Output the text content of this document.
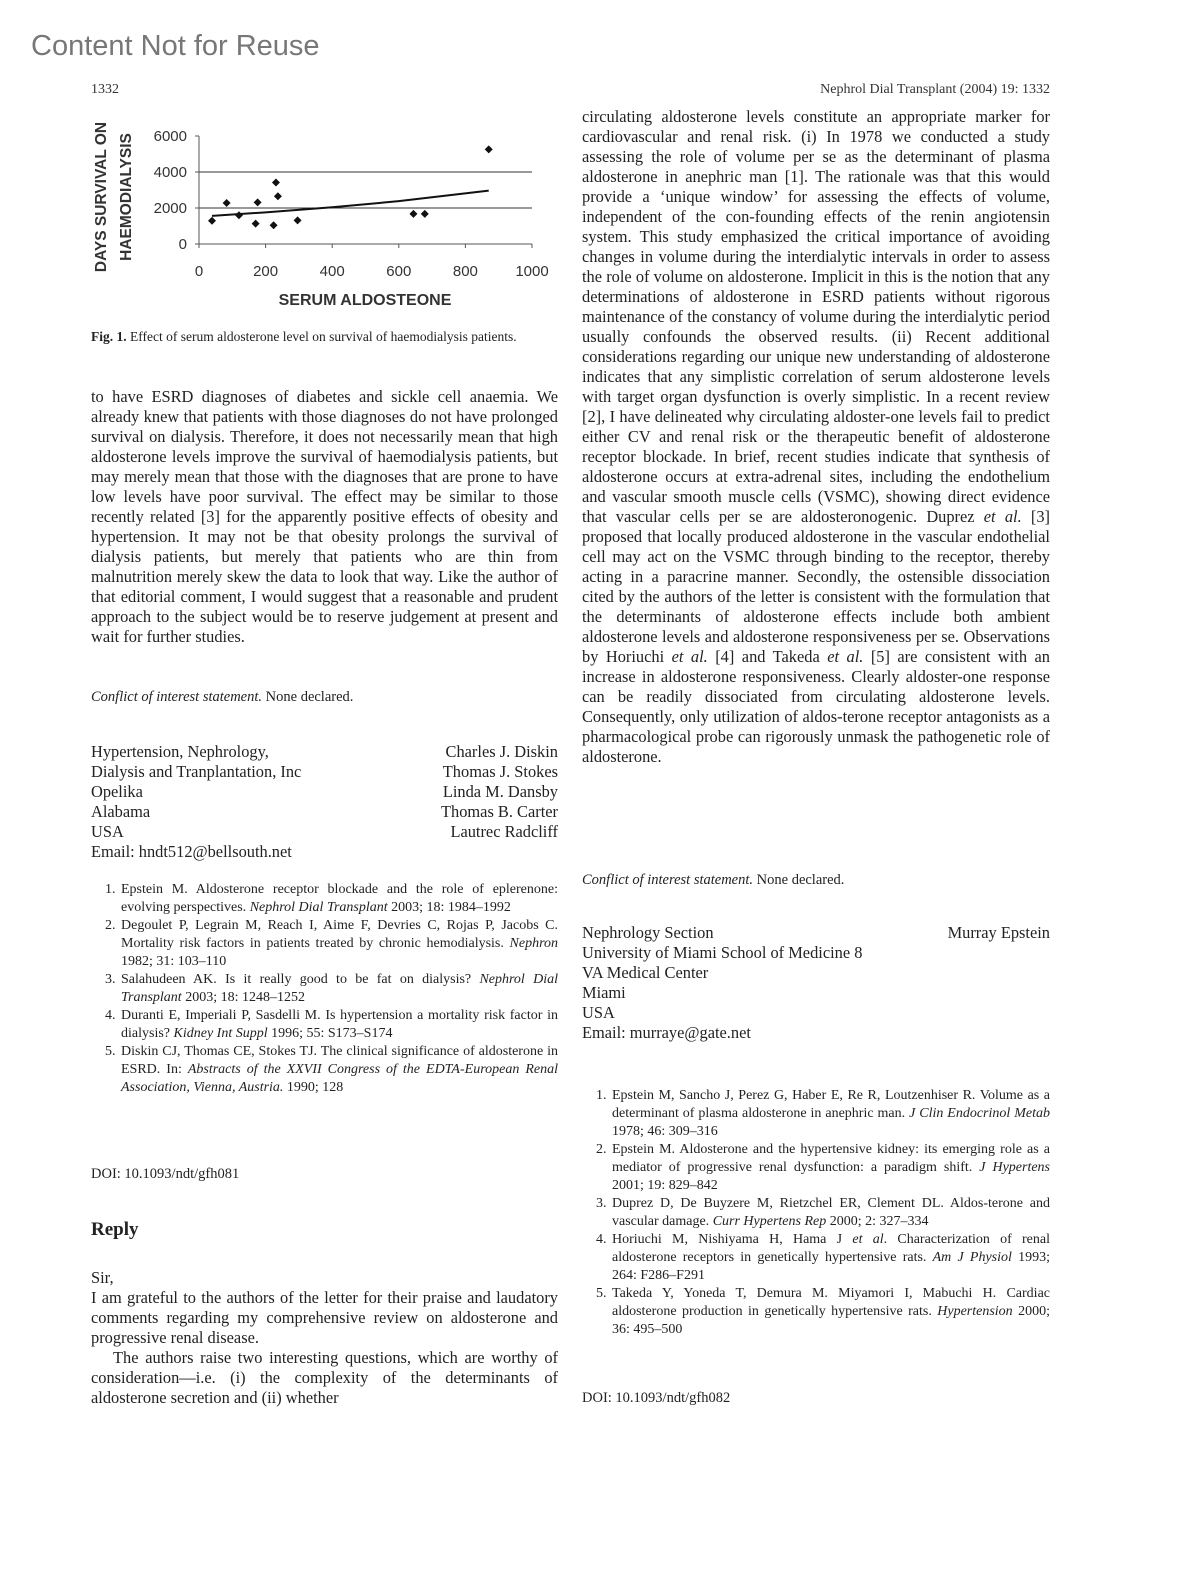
Content Not for Reuse
1332	Nephrol Dial Transplant (2004) 19: 1332
0
2000
4000
6000
0	200	400	600	800 1000
SERUM ALDOSTEONE
DAYS SURVIVAL ON HAEMODIALYSIS
Fig. 1. Effect of serum aldosterone level on survival of haemodialysis patients.

to have ESRD diagnoses of diabetes and sickle cell anaemia. We already knew that patients with those diagnoses do not have prolonged survival on dialysis. Therefore, it does not necessarily mean that high aldosterone levels improve the survival of haemodialysis patients, but may merely mean that those with the diagnoses that are prone to have low levels have poor survival. The effect may be similar to those recently related [3] for the apparently positive effects of obesity and hypertension. It may not be that obesity prolongs the survival of dialysis patients, but merely that patients who are thin from malnutrition merely skew the data to look that way. Like the author of that editorial comment, I would suggest that a reasonable and prudent approach to the subject would be to reserve judgement at present and wait for further studies.

Conflict of interest statement. None declared.
Hypertension, Nephrology,
Dialysis and Tranplantation, Inc
Opelika
Alabama
USA
Email: hndt512@bellsouth.net
Charles J. Diskin
Thomas J. Stokes
Linda M. Dansby
Thomas B. Carter
Lautrec Radcliff
1. Epstein M. Aldosterone receptor blockade and the role of eplerenone: evolving perspectives. Nephrol Dial Transplant 2003; 18: 1984–1992
2. Degoulet P, Legrain M, Reach I, Aime F, Devries C, Rojas P, Jacobs C. Mortality risk factors in patients treated by chronic hemodialysis. Nephron 1982; 31: 103–110
3. Salahudeen AK. Is it really good to be fat on dialysis? Nephrol Dial Transplant 2003; 18: 1248–1252
4. Duranti E, Imperiali P, Sasdelli M. Is hypertension a mortality risk factor in dialysis? Kidney Int Suppl 1996; 55: S173–S174
5. Diskin CJ, Thomas CE, Stokes TJ. The clinical significance of aldosterone in ESRD. In: Abstracts of the XXVII Congress of the EDTA-European Renal Association, Vienna, Austria. 1990; 128
DOI: 10.1093/ndt/gfh081
Reply

Sir,

I am grateful to the authors of the letter for their praise and laudatory comments regarding my comprehensive review on aldosterone and progressive renal disease.

The authors raise two interesting questions, which are worthy of consideration—i.e. (i) the complexity of the determinants of aldosterone secretion and (ii) whether

circulating aldosterone levels constitute an appropriate marker for cardiovascular and renal risk. (i) In 1978 we conducted a study assessing the role of volume per se as the determinant of plasma aldosterone in anephric man [1]. The rationale was that this would provide a ‘unique window’ for assessing the effects of volume, independent of the con-founding effects of the renin angiotensin system. This study emphasized the critical importance of avoiding changes in volume during the interdialytic intervals in order to assess the role of volume on aldosterone. Implicit in this is the notion that any determinations of aldosterone in ESRD patients without rigorous maintenance of the constancy of volume during the interdialytic period usually confounds the observed results. (ii) Recent additional considerations regarding our unique new understanding of aldosterone indicates that any simplistic correlation of serum aldosterone levels with target organ dysfunction is overly simplistic. In a recent review [2], I have delineated why circulating aldoster-one levels fail to predict either CV and renal risk or the therapeutic benefit of aldosterone receptor blockade. In brief, recent studies indicate that synthesis of aldosterone occurs at extra-adrenal sites, including the endothelium and vascular smooth muscle cells (VSMC), showing direct evidence that vascular cells per se are aldosteronogenic. Duprez et al. [3] proposed that locally produced aldosterone in the vascular endothelial cell may act on the VSMC through binding to the receptor, thereby acting in a paracrine manner. Secondly, the ostensible dissociation cited by the authors of the letter is consistent with the formulation that the determinants of aldosterone effects include both ambient aldosterone levels and aldosterone responsiveness per se. Observations by Horiuchi et al. [4] and Takeda et al. [5] are consistent with an increase in aldosterone responsiveness. Clearly aldoster-one response can be readily dissociated from circulating aldosterone levels. Consequently, only utilization of aldos-terone receptor antagonists as a pharmacological probe can rigorously unmask the pathogenetic role of aldosterone.

Conflict of interest statement. None declared.
Nephrology Section
University of Miami School of Medicine 8
VA Medical Center
Miami
USA
Email: murraye@gate.net
Murray Epstein
1. Epstein M, Sancho J, Perez G, Haber E, Re R, Loutzenhiser R. Volume as a determinant of plasma aldosterone in anephric man. J Clin Endocrinol Metab 1978; 46: 309–316
2. Epstein M. Aldosterone and the hypertensive kidney: its emerging role as a mediator of progressive renal dysfunction: a paradigm shift. J Hypertens 2001; 19: 829–842
3. Duprez D, De Buyzere M, Rietzchel ER, Clement DL. Aldos-terone and vascular damage. Curr Hypertens Rep 2000; 2: 327–334
4. Horiuchi M, Nishiyama H, Hama J et al. Characterization of renal aldosterone receptors in genetically hypertensive rats. Am J Physiol 1993; 264: F286–F291
5. Takeda Y, Yoneda T, Demura M. Miyamori I, Mabuchi H. Cardiac aldosterone production in genetically hypertensive rats. Hypertension 2000; 36: 495–500
DOI: 10.1093/ndt/gfh082
